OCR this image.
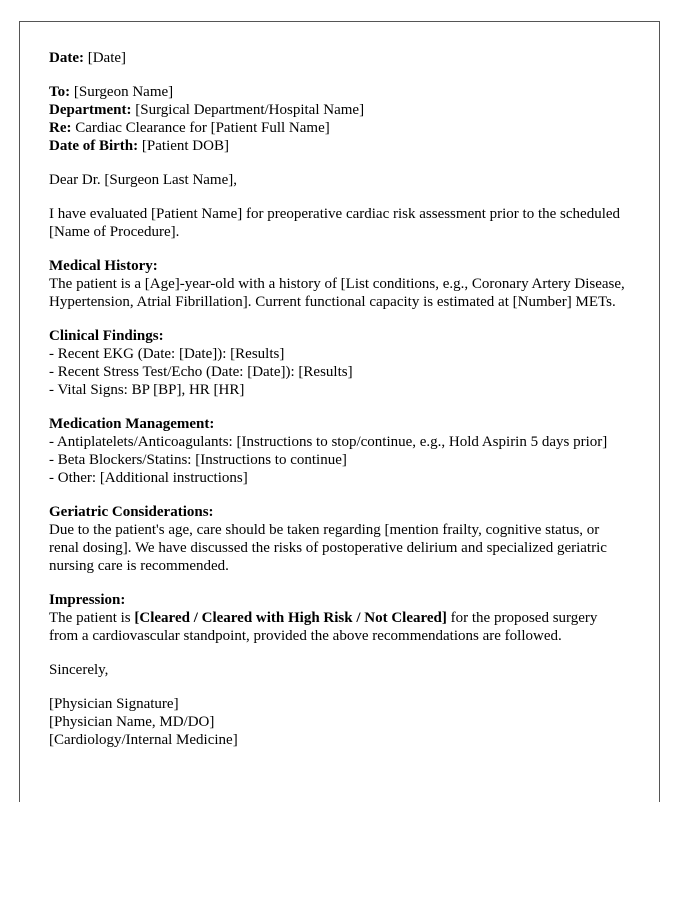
Date: [Date]
To: [Surgeon Name]
Department: [Surgical Department/Hospital Name]
Re: Cardiac Clearance for [Patient Full Name]
Date of Birth: [Patient DOB]
Dear Dr. [Surgeon Last Name],
I have evaluated [Patient Name] for preoperative cardiac risk assessment prior to the scheduled [Name of Procedure].
Medical History:
The patient is a [Age]-year-old with a history of [List conditions, e.g., Coronary Artery Disease, Hypertension, Atrial Fibrillation]. Current functional capacity is estimated at [Number] METs.
Clinical Findings:
- Recent EKG (Date: [Date]): [Results]
- Recent Stress Test/Echo (Date: [Date]): [Results]
- Vital Signs: BP [BP], HR [HR]
Medication Management:
- Antiplatelets/Anticoagulants: [Instructions to stop/continue, e.g., Hold Aspirin 5 days prior]
- Beta Blockers/Statins: [Instructions to continue]
- Other: [Additional instructions]
Geriatric Considerations:
Due to the patient's age, care should be taken regarding [mention frailty, cognitive status, or renal dosing]. We have discussed the risks of postoperative delirium and specialized geriatric nursing care is recommended.
Impression:
The patient is [Cleared / Cleared with High Risk / Not Cleared] for the proposed surgery from a cardiovascular standpoint, provided the above recommendations are followed.
Sincerely,
[Physician Signature]
[Physician Name, MD/DO]
[Cardiology/Internal Medicine]
